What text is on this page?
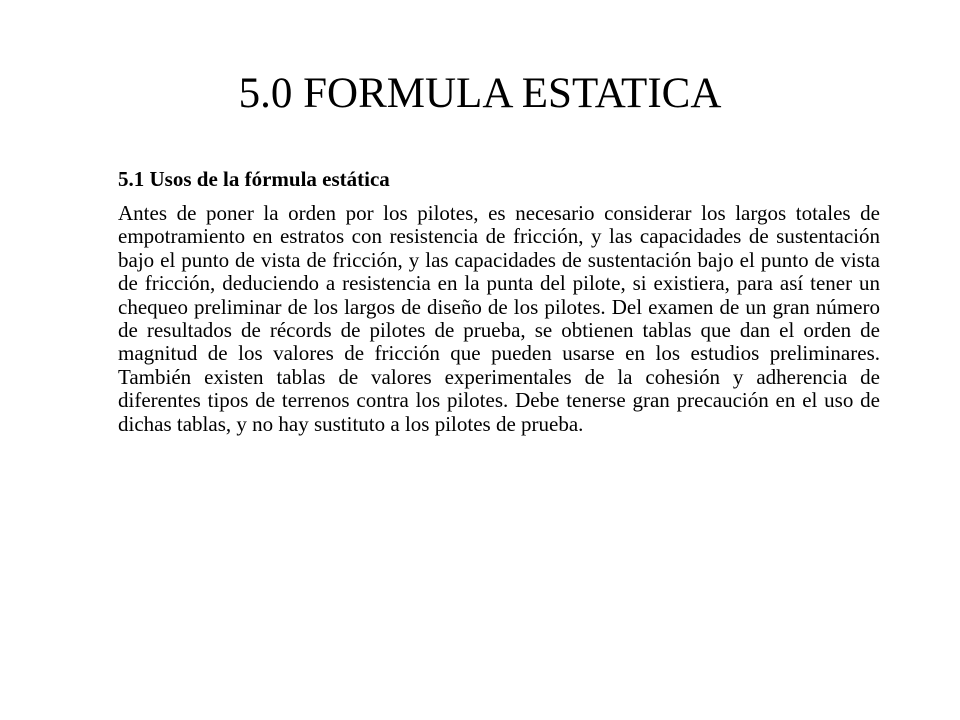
5.0 FORMULA ESTATICA

5.1 Usos de la fórmula estática

Antes de poner la orden por los pilotes, es necesario considerar los largos totales de empotramiento en estratos con resistencia de fricción, y las capacidades de sustentación bajo el punto de vista de fricción, y las capacidades de sustentación bajo el punto de vista de fricción, deduciendo a resistencia en la punta del pilote, si existiera, para así tener un chequeo preliminar de los largos de diseño de los pilotes. Del examen de un gran número de resultados de récords de pilotes de prueba, se obtienen tablas que dan el orden de magnitud de los valores de fricción que pueden usarse en los estudios preliminares. También existen tablas de valores experimentales de la cohesión y adherencia de diferentes tipos de terrenos contra los pilotes. Debe tenerse gran precaución en el uso de dichas tablas, y no hay sustituto a los pilotes de prueba.
